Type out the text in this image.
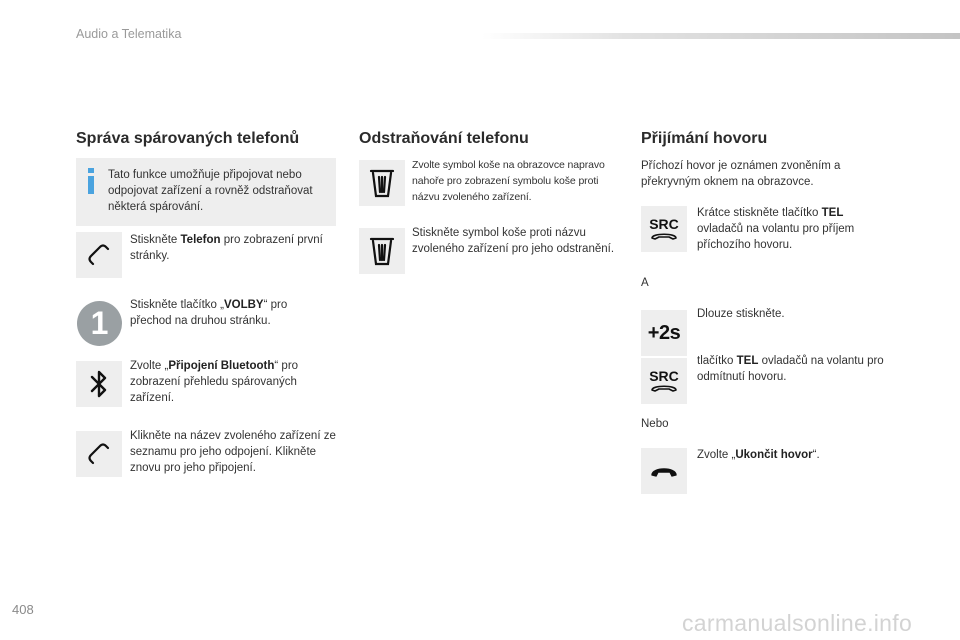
Audio a Telematika
Správa spárovaných telefonů
Tato funkce umožňuje připojovat nebo odpojovat zařízení a rovněž odstraňovat některá spárování.
Stiskněte Telefon pro zobrazení první stránky.
1	Stiskněte tlačítko „VOLBY“ pro přechod na druhou stránku.
Zvolte „Připojení Bluetooth“ pro zobrazení přehledu spárovaných zařízení.
Klikněte na název zvoleného zařízení ze seznamu pro jeho odpojení. Klikněte znovu pro jeho připojení.
Odstraňování telefonu
Zvolte symbol koše na obrazovce napravo nahoře pro zobrazení symbolu koše proti názvu zvoleného zařízení.
Stiskněte symbol koše proti názvu zvoleného zařízení pro jeho odstranění.
Přijímání hovoru
Příchozí hovor je oznámen zvoněním a překryvným oknem na obrazovce.
SRC
Krátce stiskněte tlačítko TEL ovladačů na volantu pro příjem příchozího hovoru.
A
+2s
Dlouze stiskněte.
SRC
tlačítko TEL ovladačů na volantu pro odmítnutí hovoru.
Nebo
Zvolte „Ukončit hovor“.
408
carmanualsonline.info
